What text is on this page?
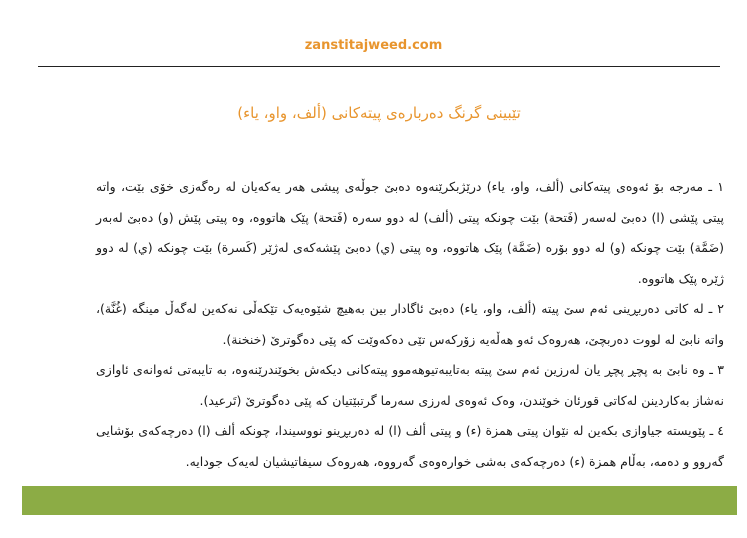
zanstitajweed.com
تێبینی گرنگ دەربارەی پیتەکانی (ألف، واو، ياء)

١ ـ مەرجە بۆ ئەوەی پیتەکانی (ألف، واو، ياء) درێژبکرێنەوە دەبێ جوڵەی پیشی هەر یەکەیان لە رەگەزی خۆی بێت، واتە پیتی پێشی (ا) دەبێ لەسەر (فَتحة) بێت چونکە پیتی (ألف) لە دوو سەرە (فَتحة) پێک هاتووە، وە پیتی پێش (و) دەبێ لەبەر (ضَمَّة) بێت چونکە (و) لە دوو بۆرە (ضَمَّة) پێک هاتووە، وە پیتی (ي) دەبێ پێشەکەی لەژێر (كَسرة) بێت چونکە (ي) لە دوو ژێرە پێک هاتووە.

٢ ـ لە کاتی دەربڕینی ئەم سێ پیتە (ألف، واو، ياء) دەبێ ئاگادار بین بەهیچ شێوەیەک تێکەڵی نەکەین لەگەڵ مینگە (غُنَّة)، واتە نابێ لە لووت دەربچێ، هەروەک ئەو هەڵەیە زۆرکەس تێی دەکەوێت کە پێی دەگوترێ (خنخنة).

٣ ـ وە نابێ بە پچڕ پچڕ یان لەرزین ئەم سێ پیتە بەتایبەتیوهەموو پیتەکانی دیکەش بخوێندرێنەوە، بە تایبەتی ئەوانەی ئاوازی نەشاز بەکاردینن لەکاتی قورئان خوێندن، وەک ئەوەی لەرزی سەرما گرتبێتیان کە پێی دەگوترێ (تَرعيد).

٤ ـ پێویستە جیاوازی بکەین لە نێوان پیتی همزة (ء) و پیتی ألف (ا) لە دەربڕینو نووسیندا، چونکە ألف (ا) دەرچەکەی بۆشایی گەروو و دەمە، بەڵام همزة (ء) دەرچەکەی بەشی خوارەوەی گەرووە، هەروەک سیفاتیشیان لەیەک جودایە.
